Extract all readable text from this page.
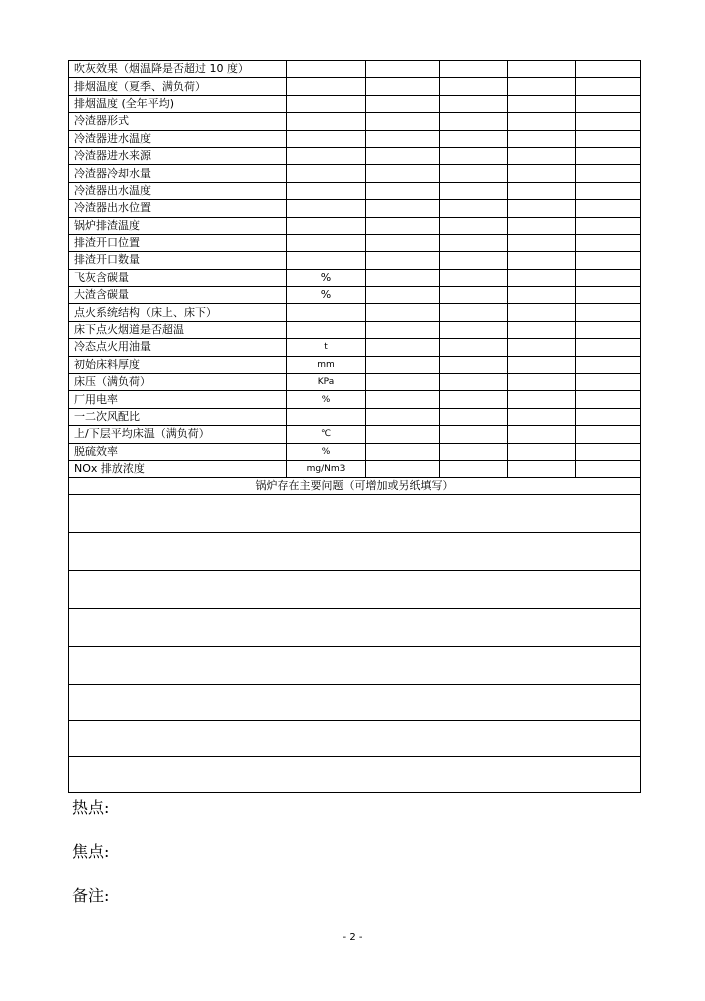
吹灰效果（烟温降是否超过 10 度）					
排烟温度（夏季、满负荷）					
排烟温度 (全年平均)					
冷渣器形式					
冷渣器进水温度					
冷渣器进水来源					
冷渣器冷却水量					
冷渣器出水温度					
冷渣器出水位置					
锅炉排渣温度					
排渣开口位置					
排渣开口数量					
飞灰含碳量	%				
大渣含碳量	%				
点火系统结构（床上、床下）					
床下点火烟道是否超温					
冷态点火用油量	t				
初始床料厚度	mm				
床压（满负荷）	KPa				
厂用电率	%				
一二次风配比					
上/下层平均床温（满负荷）	℃				
脱硫效率	%				
NOx 排放浓度	mg/Nm3				
锅炉存在主要问题（可增加或另纸填写）					

热点:
焦点:
备注:
- 2 -
